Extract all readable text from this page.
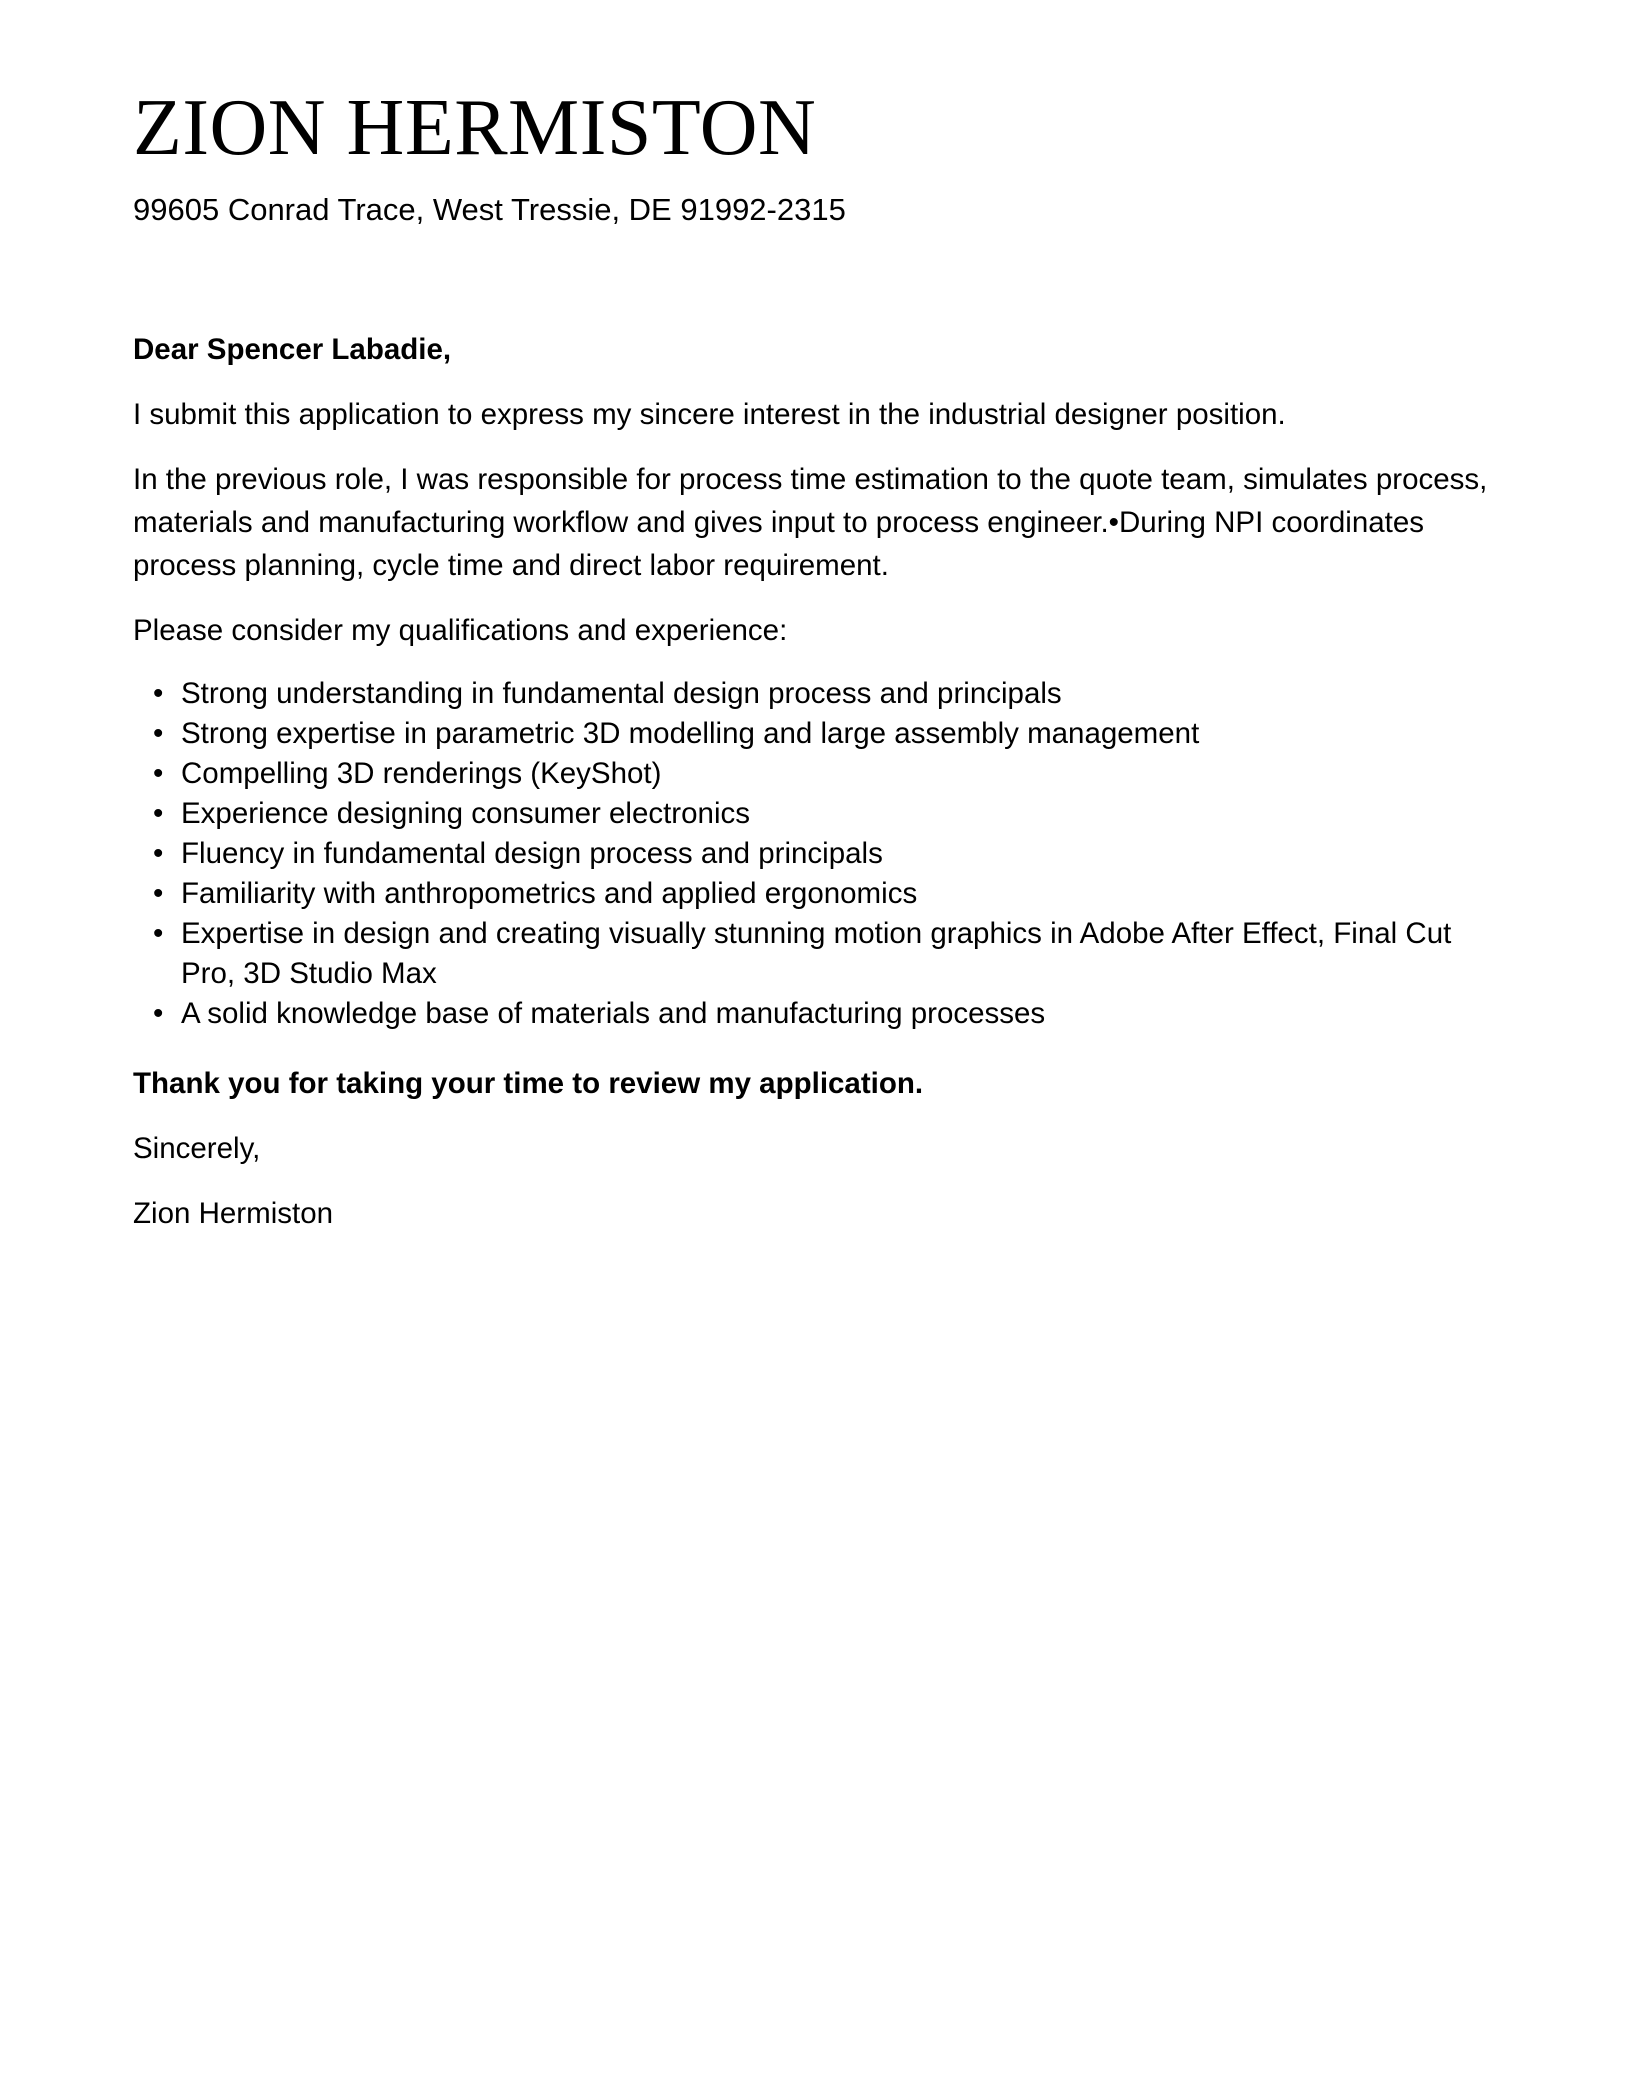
ZION HERMISTON
99605 Conrad Trace, West Tressie, DE 91992-2315

Dear Spencer Labadie,

I submit this application to express my sincere interest in the industrial designer position.

In the previous role, I was responsible for process time estimation to the quote team, simulates process, materials and manufacturing workflow and gives input to process engineer.•During NPI coordinates process planning, cycle time and direct labor requirement.

Please consider my qualifications and experience:

• Strong understanding in fundamental design process and principals
• Strong expertise in parametric 3D modelling and large assembly management
• Compelling 3D renderings (KeyShot)
• Experience designing consumer electronics
• Fluency in fundamental design process and principals
• Familiarity with anthropometrics and applied ergonomics
• Expertise in design and creating visually stunning motion graphics in Adobe After Effect, Final Cut Pro, 3D Studio Max
• A solid knowledge base of materials and manufacturing processes

Thank you for taking your time to review my application.

Sincerely,

Zion Hermiston
